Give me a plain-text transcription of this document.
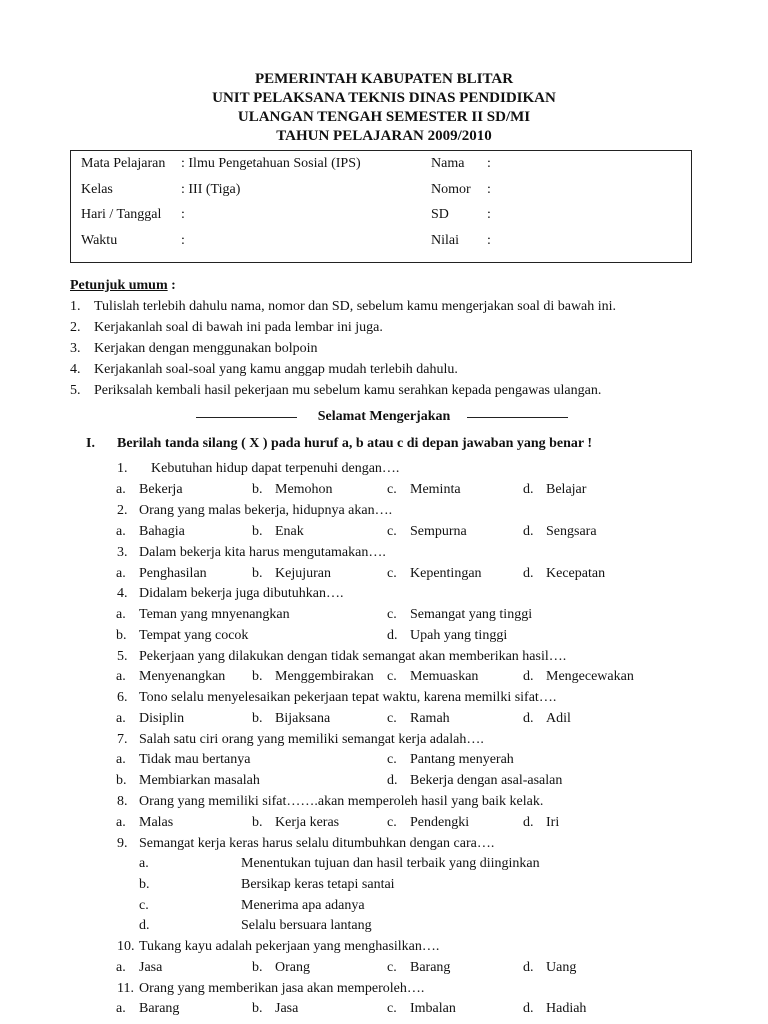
PEMERINTAH KABUPATEN BLITAR
UNIT PELAKSANA TEKNIS DINAS PENDIDIKAN
ULANGAN TENGAH SEMESTER II SD/MI
TAHUN PELAJARAN 2009/2010
Mata Pelajaran : Ilmu Pengetahuan Sosial (IPS)	Nama :
Kelas	: III (Tiga)	Nomor :
Hari / Tanggal :	SD	:
Waktu	:	Nilai :
Petunjuk umum :
1. Tulislah terlebih dahulu nama, nomor dan SD, sebelum kamu mengerjakan soal di bawah ini.
2. Kerjakanlah soal di bawah ini pada lembar ini juga.
3. Kerjakan dengan menggunakan bolpoin
4. Kerjakanlah soal-soal yang kamu anggap mudah terlebih dahulu.
5. Periksalah kembali hasil pekerjaan mu sebelum kamu serahkan kepada pengawas ulangan.
Selamat Mengerjakan
I. Berilah tanda silang ( X ) pada huruf a, b atau c di depan jawaban yang benar !
1. Kebutuhan hidup dapat terpenuhi dengan….
a. Bekerja	b. Memohon	c. Meminta	d. Belajar
2. Orang yang malas bekerja, hidupnya akan….
a. Bahagia	b. Enak	c. Sempurna	d. Sengsara
3. Dalam bekerja kita harus mengutamakan….
a. Penghasilan	b. Kejujuran	c. Kepentingan	d. Kecepatan
4. Didalam bekerja juga dibutuhkan….
a. Teman yang mnyenangkan	c. Semangat yang tinggi
b. Tempat yang cocok	d. Upah yang tinggi
5. Pekerjaan yang dilakukan dengan tidak semangat akan memberikan hasil….
a. Menyenangkan b. Menggembirakan c. Memuaskan	d. Mengecewakan
6. Tono selalu menyelesaikan pekerjaan tepat waktu, karena memilki sifat….
a. Disiplin	b. Bijaksana	c. Ramah	d. Adil
7. Salah satu ciri orang yang memiliki semangat kerja adalah….
a. Tidak mau bertanya	c. Pantang menyerah
b. Membiarkan masalah	d. Bekerja dengan asal-asalan
8. Orang yang memiliki sifat…….akan memperoleh hasil yang baik kelak.
a. Malas	b. Kerja keras	c. Pendengki	d. Iri
9. Semangat kerja keras harus selalu ditumbuhkan dengan cara….
a.	Menentukan tujuan dan hasil terbaik yang diinginkan
b.	Bersikap keras tetapi santai
c.	Menerima apa adanya
d.	Selalu bersuara lantang
10. Tukang kayu adalah pekerjaan yang menghasilkan….
a. Jasa	b. Orang	c. Barang	d. Uang
11. Orang yang memberikan jasa akan memperoleh….
a. Barang	b. Jasa	c. Imbalan	d. Hadiah
